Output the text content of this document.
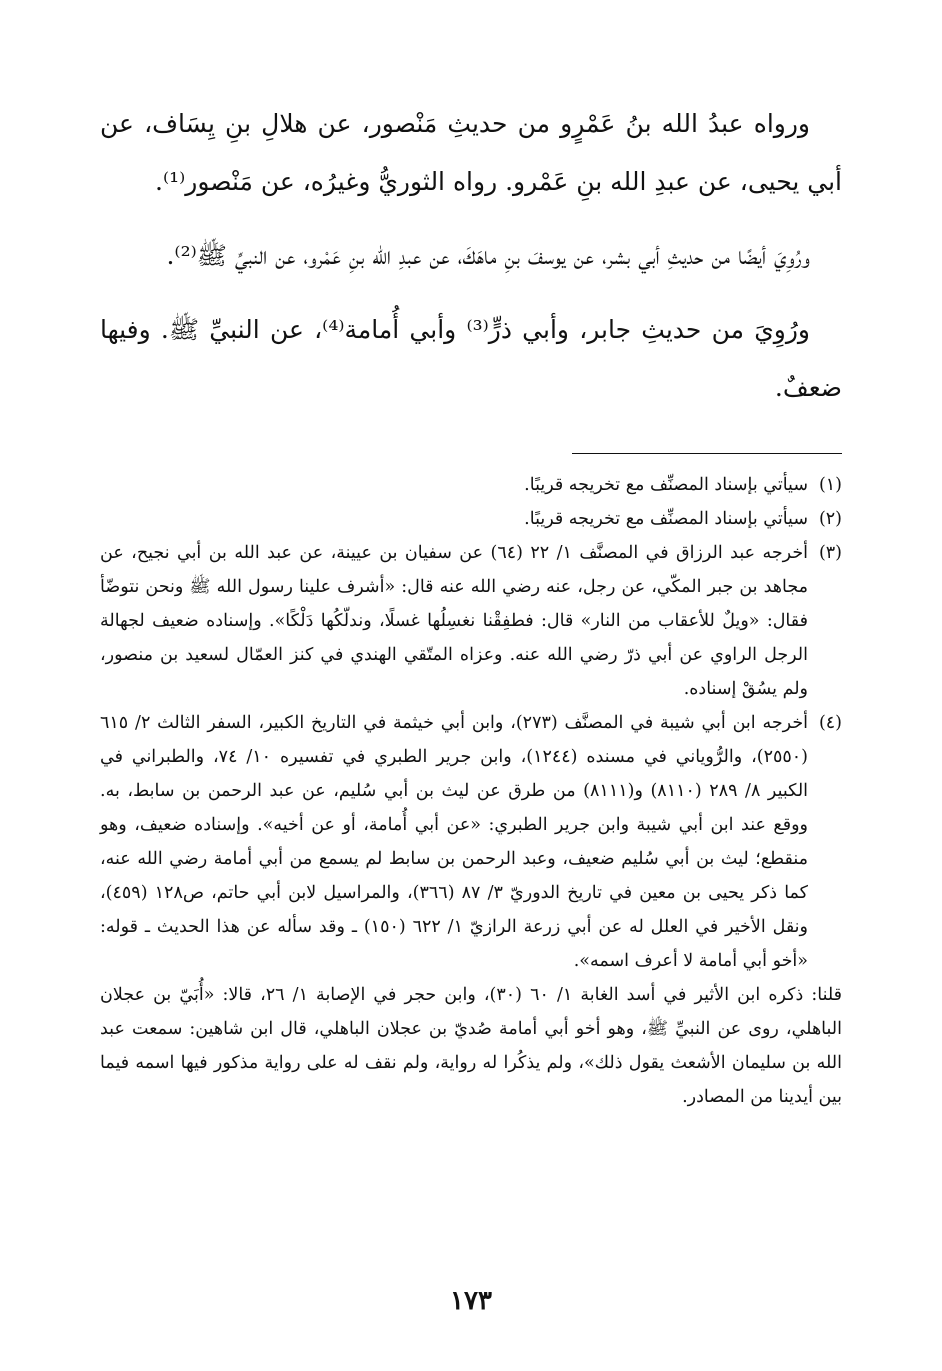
ورواه عبدُ الله بنُ عَمْرٍو من حديثِ مَنْصور، عن هلالِ بنِ يِسَاف، عن أبي يحيى، عن عبدِ الله بنِ عَمْرو. رواه الثوريُّ وغيرُه، عن مَنْصور⁽¹⁾.

ورُوِيَ أيضًا من حديثِ أبي بشر، عن يوسفَ بنِ ماهَكَ، عن عبدِ الله بنِ عَمْرو، عن النبيِّ ﷺ⁽²⁾.

ورُوِيَ من حديثِ جابر، وأبي ذرٍّ⁽³⁾ وأبي أُمامة⁽⁴⁾، عن النبيِّ ﷺ. وفيها ضعفٌ.

(١)
سيأتي بإسناد المصنِّف مع تخريجه قريبًا.
(٢)
سيأتي بإسناد المصنِّف مع تخريجه قريبًا.
(٣)
أخرجه عبد الرزاق في المصنَّف ١/ ٢٢ (٦٤) عن سفيان بن عيينة، عن عبد الله بن أبي نجيح، عن مجاهد بن جبر المكّي، عن رجل، عنه رضي الله عنه قال: «أشرف علينا رسول الله ﷺ ونحن نتوضّأ فقال: «ويلٌ للأعقاب من النار» قال: فطفِقْنا نغسِلُها غسلًا، وندلّكُها دَلْكًا». وإسناده ضعيف لجهالة الرجل الراوي عن أبي ذرّ رضي الله عنه. وعزاه المتّقي الهندي في كنز العمّال لسعيد بن منصور، ولم يسُقْ إسناده.
(٤)
أخرجه ابن أبي شيبة في المصنَّف (٢٧٣)، وابن أبي خيثمة في التاريخ الكبير، السفر الثالث ٢/ ٦١٥ (٢٥٥٠)، والرُّوياني في مسنده (١٢٤٤)، وابن جرير الطبري في تفسيره ١٠/ ٧٤، والطبراني في الكبير ٨/ ٢٨٩ (٨١١٠) و(٨١١١) من طرق عن ليث بن أبي سُليم، عن عبد الرحمن بن سابط، به. ووقع عند ابن أبي شيبة وابن جرير الطبري: «عن أبي أُمامة، أو عن أخيه». وإسناده ضعيف، وهو منقطع؛ ليث بن أبي سُليم ضعيف، وعبد الرحمن بن سابط لم يسمع من أبي أمامة رضي الله عنه، كما ذكر يحيى بن معين في تاريخ الدوريّ ٣/ ٨٧ (٣٦٦)، والمراسيل لابن أبي حاتم، ص١٢٨ (٤٥٩)، ونقل الأخير في العلل له عن أبي زرعة الرازيّ ١/ ٦٢٢ (١٥٠) ـ وقد سأله عن هذا الحديث ـ قوله: «أخو أبي أمامة لا أعرف اسمه».
قلنا: ذكره ابن الأثير في أسد الغابة ١/ ٦٠ (٣٠)، وابن حجر في الإصابة ١/ ٢٦، قالا: «أُبَيّ بن عجلان الباهلي، روى عن النبيِّ ﷺ، وهو أخو أبي أمامة صُديّ بن عجلان الباهلي، قال ابن شاهين: سمعت عبد الله بن سليمان الأشعث يقول ذلك»، ولم يذكُرا له رواية، ولم نقف له على رواية مذكور فيها اسمه فيما بين أيدينا من المصادر.
١٧٣
